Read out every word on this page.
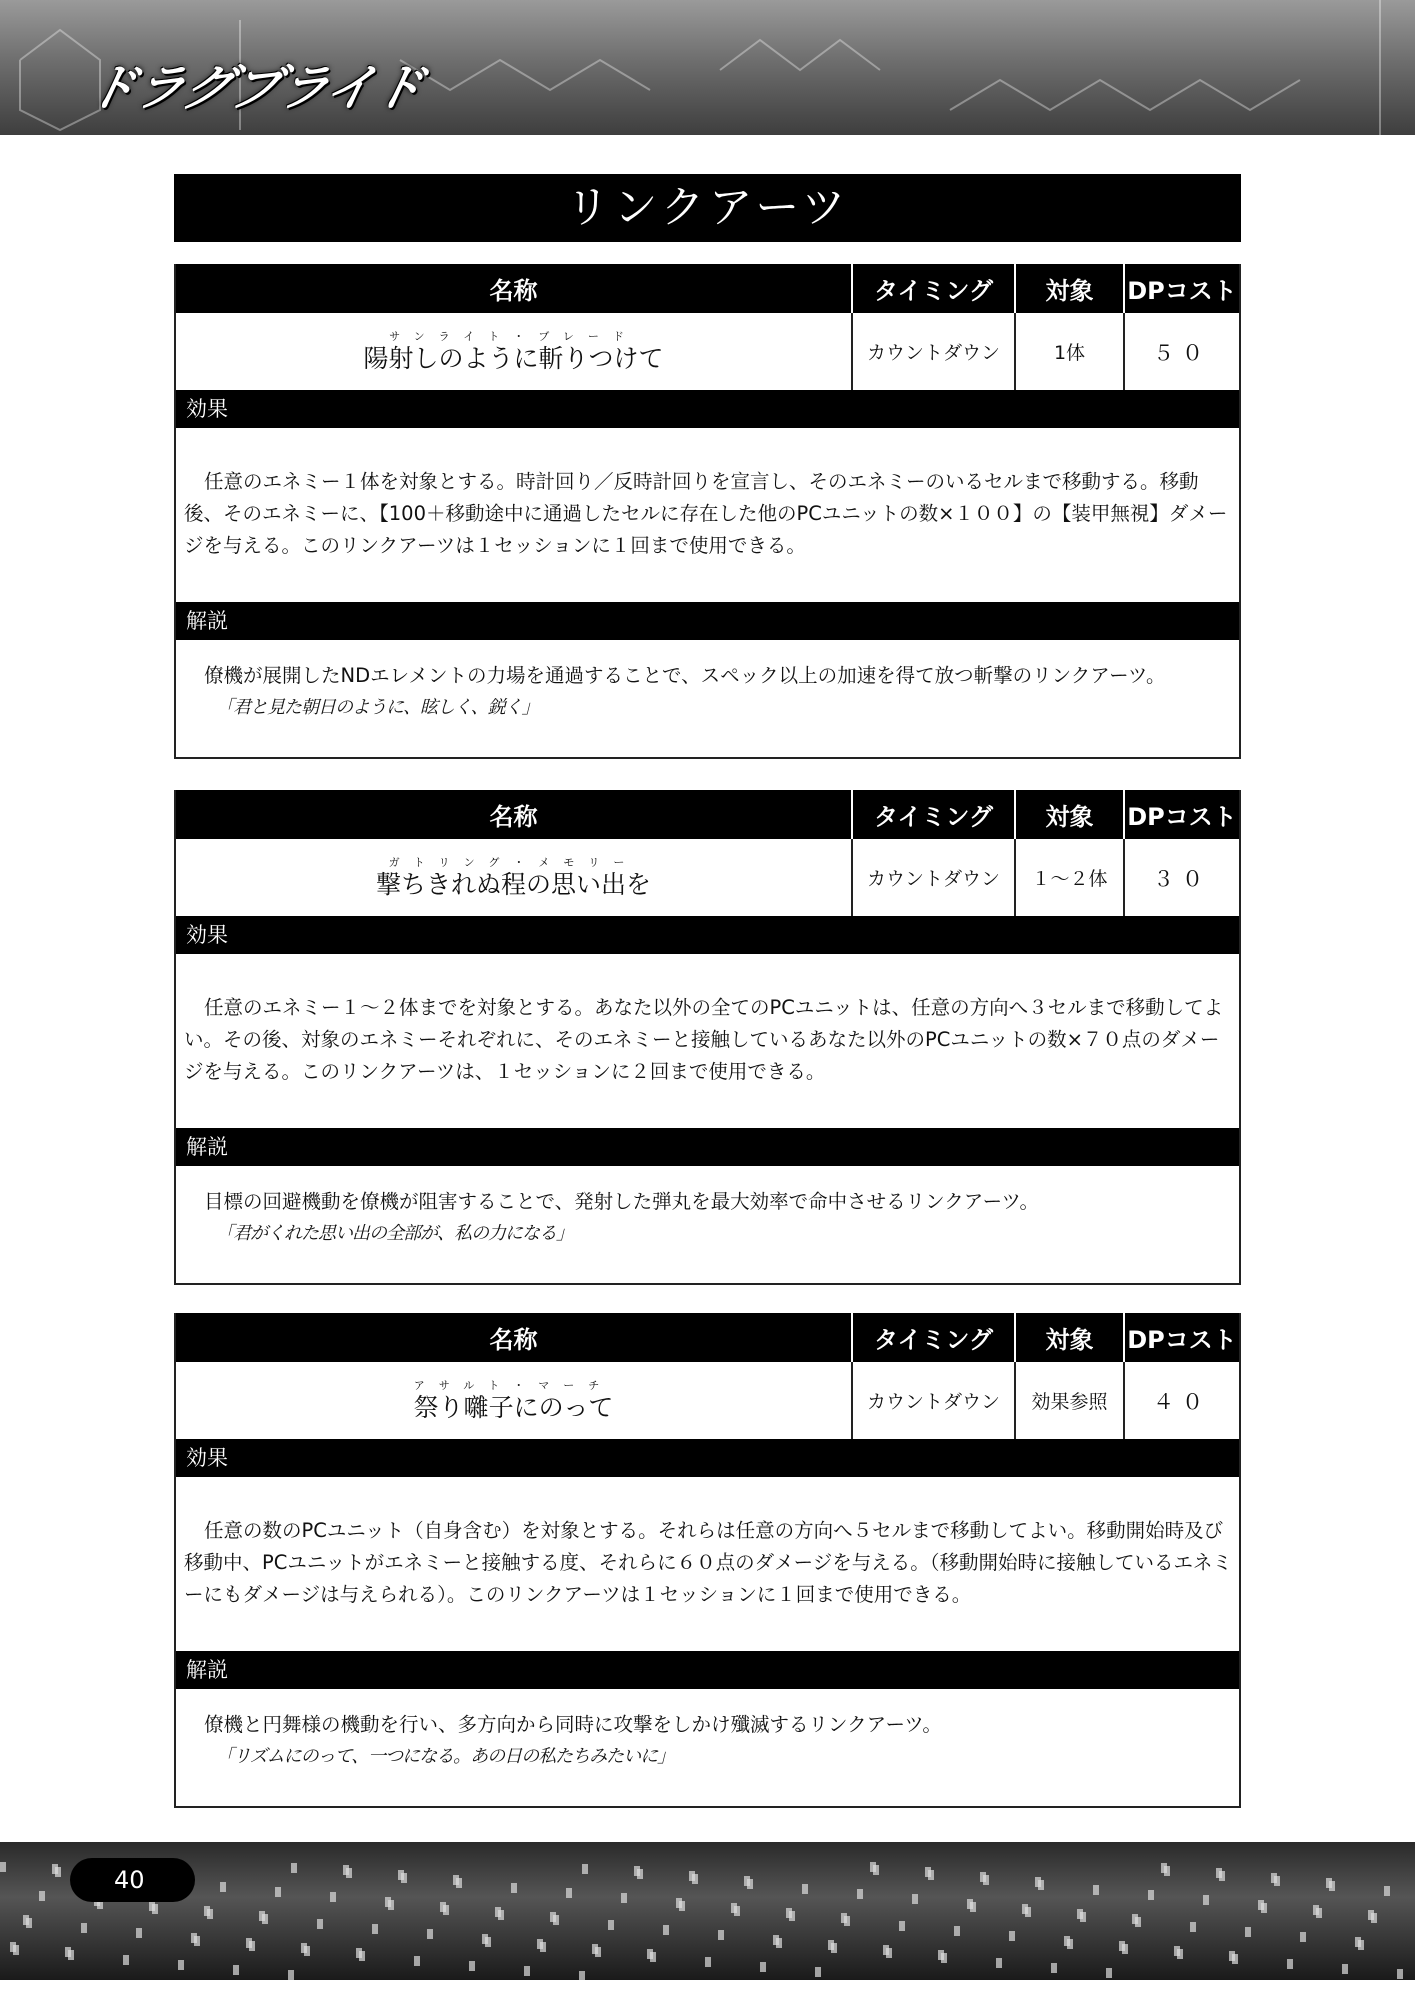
ドラグブライド
リンクアーツ
名称	タイミング	対象	DPコスト
サンライト・ブレード
陽射しのように斬りつけて	カウントダウン	1体	５０
効果
任意のエネミー１体を対象とする。時計回り／反時計回りを宣言し、そのエネミーのいるセルまで移動する。移動後、そのエネミーに、【100＋移動途中に通過したセルに存在した他のPCユニットの数×１００】の【装甲無視】ダメージを与える。このリンクアーツは１セッションに１回まで使用できる。
解説
僚機が展開したNDエレメントの力場を通過することで、スペック以上の加速を得て放つ斬撃のリンクアーツ。
「君と見た朝日のように、眩しく、鋭く」
名称	タイミング	対象	DPコスト
ガトリング・メモリー
撃ちきれぬ程の思い出を	カウントダウン	１～２体	３０
効果
任意のエネミー１～２体までを対象とする。あなた以外の全てのPCユニットは、任意の方向へ３セルまで移動してよい。その後、対象のエネミーそれぞれに、そのエネミーと接触しているあなた以外のPCユニットの数×７０点のダメージを与える。このリンクアーツは、１セッションに２回まで使用できる。
解説
目標の回避機動を僚機が阻害することで、発射した弾丸を最大効率で命中させるリンクアーツ。
「君がくれた思い出の全部が、私の力になる」
名称	タイミング	対象	DPコスト
アサルト・マーチ
祭り囃子にのって	カウントダウン	効果参照	４０
効果
任意の数のPCユニット（自身含む）を対象とする。それらは任意の方向へ５セルまで移動してよい。移動開始時及び移動中、PCユニットがエネミーと接触する度、それらに６０点のダメージを与える。（移動開始時に接触しているエネミーにもダメージは与えられる）。このリンクアーツは１セッションに１回まで使用できる。
解説
僚機と円舞様の機動を行い、多方向から同時に攻撃をしかけ殲滅するリンクアーツ。
「リズムにのって、一つになる。あの日の私たちみたいに」
40
